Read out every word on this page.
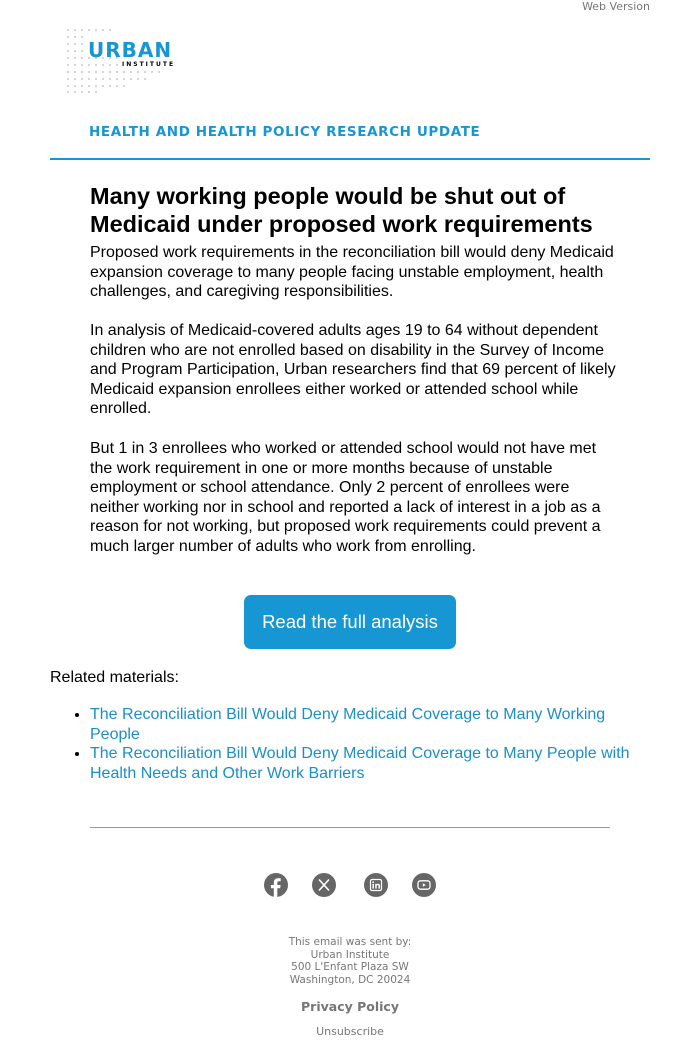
Web Version
URBAN
INSTITUTE
HEALTH AND HEALTH POLICY RESEARCH UPDATE
Many working people would be shut out of Medicaid under proposed work requirements

Proposed work requirements in the reconciliation bill would deny Medicaid expansion coverage to many people facing unstable employment, health challenges, and caregiving responsibilities.

In analysis of Medicaid-covered adults ages 19 to 64 without dependent children who are not enrolled based on disability in the Survey of Income and Program Participation, Urban researchers find that 69 percent of likely Medicaid expansion enrollees either worked or attended school while enrolled.

But 1 in 3 enrollees who worked or attended school would not have met the work requirement in one or more months because of unstable employment or school attendance. Only 2 percent of enrollees were neither working nor in school and reported a lack of interest in a job as a reason for not working, but proposed work requirements could prevent a much larger number of adults who work from enrolling.

Read the full analysis
Related materials:
• The Reconciliation Bill Would Deny Medicaid Coverage to Many Working People
• The Reconciliation Bill Would Deny Medicaid Coverage to Many People with Health Needs and Other Work Barriers
This email was sent by:
Urban Institute
500 L'Enfant Plaza SW
Washington, DC 20024
Privacy Policy
Unsubscribe
